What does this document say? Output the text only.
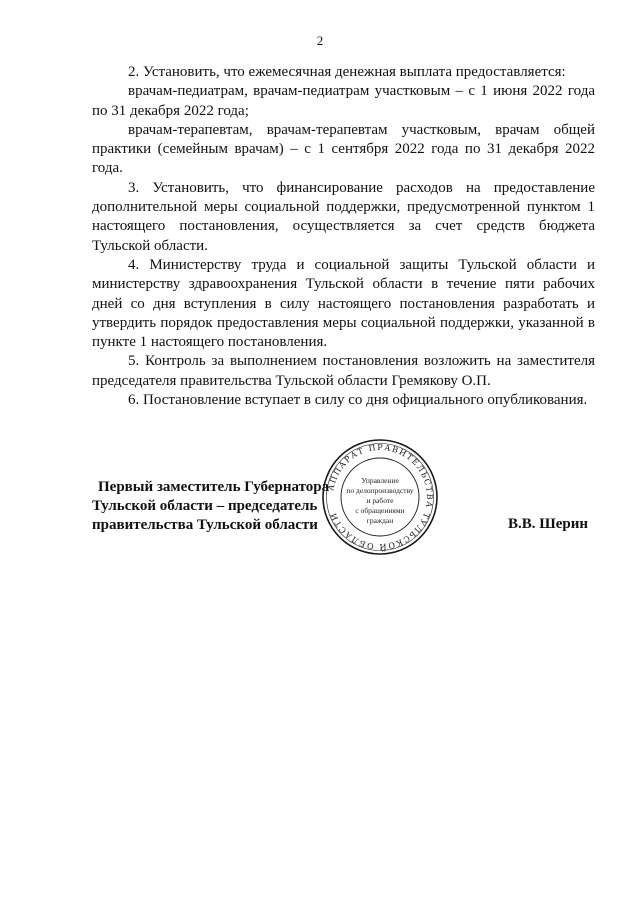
2

2. Установить, что ежемесячная денежная выплата предоставляется:

врачам-педиатрам, врачам-педиатрам участковым – с 1 июня 2022 года по 31 декабря 2022 года;

врачам-терапевтам, врачам-терапевтам участковым, врачам общей практики (семейным врачам) – с 1 сентября 2022 года по 31 декабря 2022 года.

3. Установить, что финансирование расходов на предоставление дополнительной меры социальной поддержки, предусмотренной пунктом 1 настоящего постановления, осуществляется за счет средств бюджета Тульской области.

4. Министерству труда и социальной защиты Тульской области и министерству здравоохранения Тульской области в течение пяти рабочих дней со дня вступления в силу настоящего постановления разработать и утвердить порядок предоставления меры социальной поддержки, указанной в пункте 1 настоящего постановления.

5. Контроль за выполнением постановления возложить на заместителя председателя правительства Тульской области Гремякову О.П.

6. Постановление вступает в силу со дня официального опубликования.

Первый заместитель Губернатора
Тульской области – председатель
правительства Тульской области
АППАРАТ ПРАВИТЕЛЬСТВА ТУЛЬСКОЙ ОБЛАСТИ
Управление
по делопроизводству
и работе
с обращениями
граждан	В.В. Шерин
